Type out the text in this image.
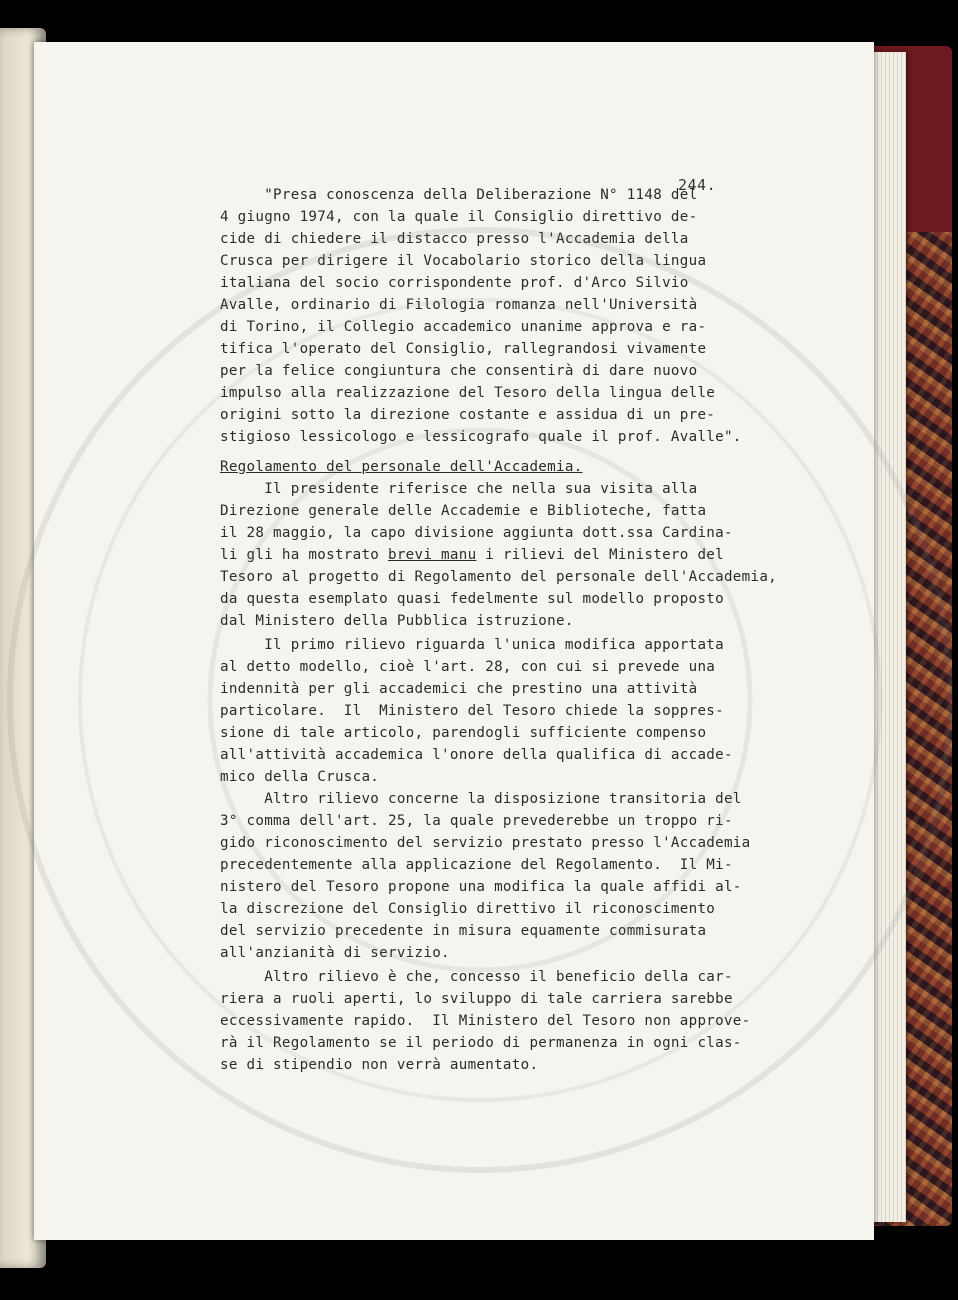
244.
"Presa conoscenza della Deliberazione N° 1148 del
4 giugno 1974, con la quale il Consiglio direttivo de-
cide di chiedere il distacco presso l'Accademia della
Crusca per dirigere il Vocabolario storico della lingua
italiana del socio corrispondente prof. d'Arco Silvio
Avalle, ordinario di Filologia romanza nell'Università
di Torino, il Collegio accademico unanime approva e ra-
tifica l'operato del Consiglio, rallegrandosi vivamente
per la felice congiuntura che consentirà di dare nuovo
impulso alla realizzazione del Tesoro della lingua delle
origini sotto la direzione costante e assidua di un pre-
stigioso lessicologo e lessicografo quale il prof. Avalle".
Regolamento del personale dell'Accademia.
Il presidente riferisce che nella sua visita alla
Direzione generale delle Accademie e Biblioteche, fatta
il 28 maggio, la capo divisione aggiunta dott.ssa Cardina-
li gli ha mostrato brevi manu i rilievi del Ministero del
Tesoro al progetto di Regolamento del personale dell'Accademia,
da questa esemplato quasi fedelmente sul modello proposto
dal Ministero della Pubblica istruzione.
Il primo rilievo riguarda l'unica modifica apportata
al detto modello, cioè l'art. 28, con cui si prevede una
indennità per gli accademici che prestino una attività
particolare.  Il  Ministero del Tesoro chiede la soppres-
sione di tale articolo, parendogli sufficiente compenso
all'attività accademica l'onore della qualifica di accade-
mico della Crusca.
Altro rilievo concerne la disposizione transitoria del
3° comma dell'art. 25, la quale prevederebbe un troppo ri-
gido riconoscimento del servizio prestato presso l'Accademia
precedentemente alla applicazione del Regolamento.  Il Mi-
nistero del Tesoro propone una modifica la quale affidi al-
la discrezione del Consiglio direttivo il riconoscimento
del servizio precedente in misura equamente commisurata
all'anzianità di servizio.
Altro rilievo è che, concesso il beneficio della car-
riera a ruoli aperti, lo sviluppo di tale carriera sarebbe
eccessivamente rapido.  Il Ministero del Tesoro non approve-
rà il Regolamento se il periodo di permanenza in ogni clas-
se di stipendio non verrà aumentato.
